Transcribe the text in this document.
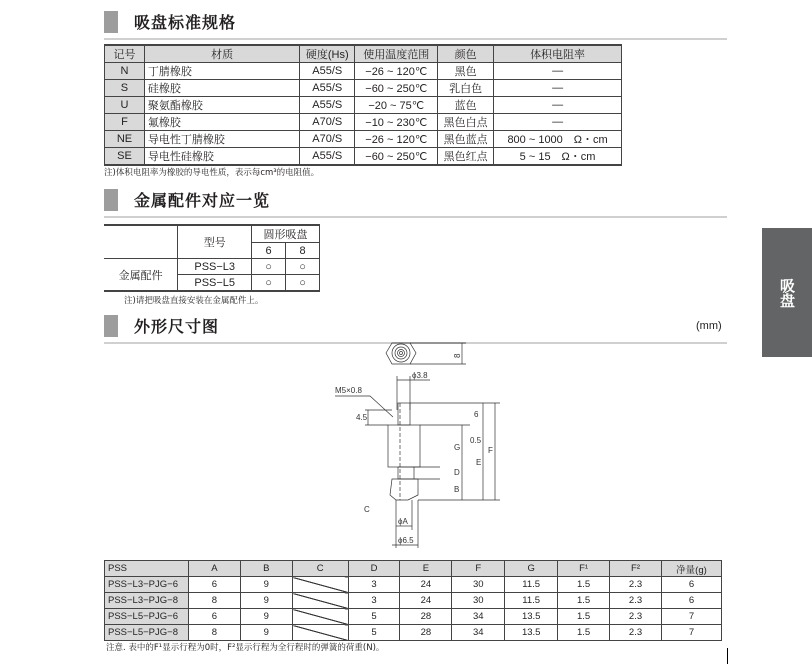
吸盘标准规格
记号	材质	硬度(Hs)	使用温度范围	颜色	体积电阻率
N	丁腈橡胶	A55/S	−26 ~ 120℃	黑色	—
S	硅橡胶	A55/S	−60 ~ 250℃	乳白色	—
U	聚氨酯橡胶	A55/S	−20 ~ 75℃	蓝色	—
F	氟橡胶	A70/S	−10 ~ 230℃	黑色白点	—
NE	导电性丁腈橡胶	A70/S	−26 ~ 120℃	黑色蓝点	800 ~ 1000　Ω・cm
SE	导电性硅橡胶	A55/S	−60 ~ 250℃	黑色红点	5 ~ 15　Ω・cm
注)体积电阻率为橡胶的导电性质，表示每cm³的电阻值。
金属配件对应一览
	型号	圆形吸盘	
		6	8
金属配件	PSS−L3	○	○
	PSS−L5	○	○
注)请把吸盘直接安装在金属配件上。
外形尺寸图	(mm)
8
ϕ3.8
M5×0.8
4.5	6
0.5
G
D
B
E
F
C
ϕA
ϕ6.5
PSS	A	B	C	D	E	F	G	F¹	F²	净量(g)
PSS−L3−PJG−6	6	9		3	24	30	11.5	1.5	2.3	6
PSS−L3−PJG−8	8	9		3	24	30	11.5	1.5	2.3	6
PSS−L5−PJG−6	6	9		5	28	34	13.5	1.5	2.3	7
PSS−L5−PJG−8	8	9		5	28	34	13.5	1.5	2.3	7
注意. 表中的F¹显示行程为0时，F²显示行程为全行程时的弹簧的荷重(N)。
吸盘
